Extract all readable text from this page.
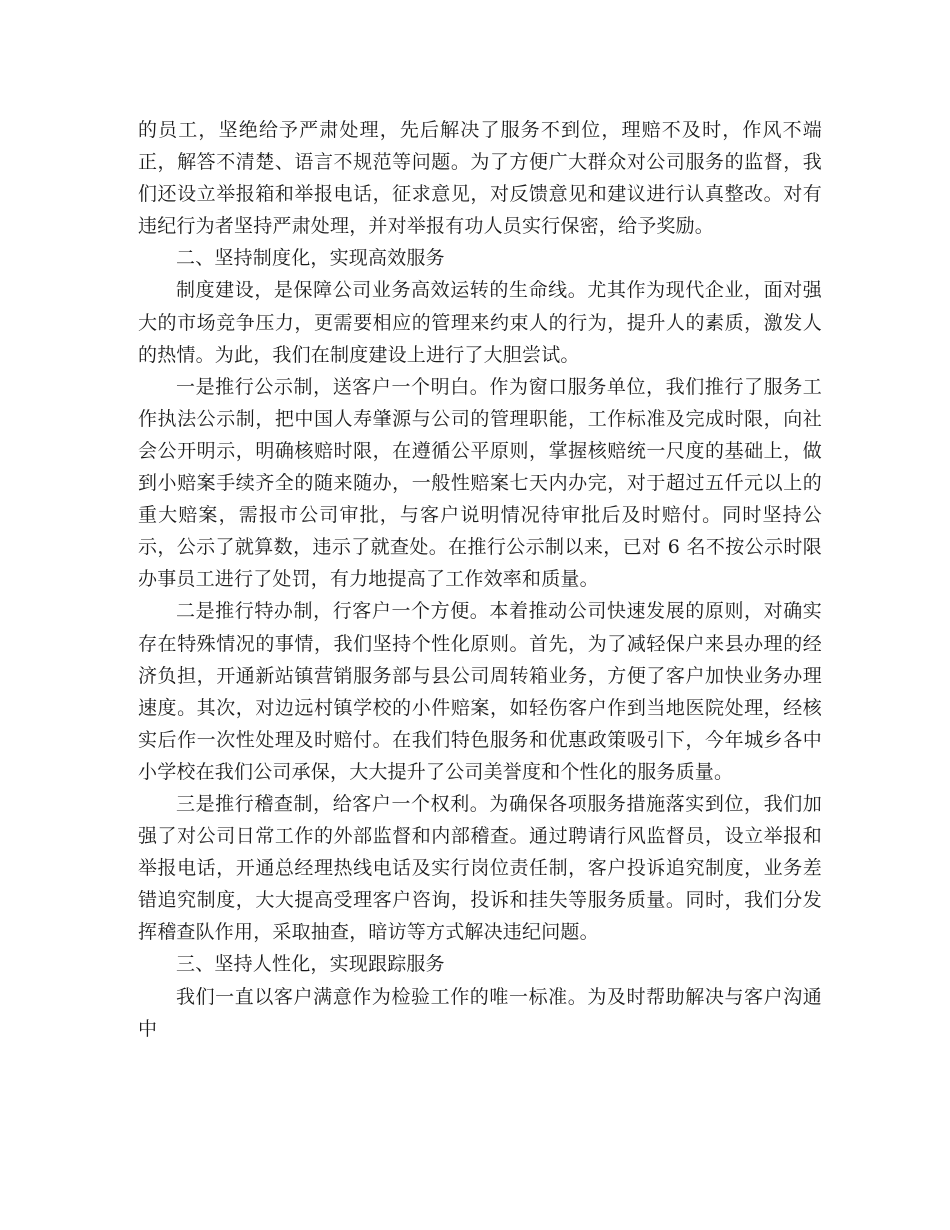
的员工，坚绝给予严肃处理，先后解决了服务不到位，理赔不及时，作风不端正，解答不清楚、语言不规范等问题。为了方便广大群众对公司服务的监督，我们还设立举报箱和举报电话，征求意见，对反馈意见和建议进行认真整改。对有违纪行为者坚持严肃处理，并对举报有功人员实行保密，给予奖励。

二、坚持制度化，实现高效服务

制度建设，是保障公司业务高效运转的生命线。尤其作为现代企业，面对强大的市场竞争压力，更需要相应的管理来约束人的行为，提升人的素质，激发人的热情。为此，我们在制度建设上进行了大胆尝试。

一是推行公示制，送客户一个明白。作为窗口服务单位，我们推行了服务工作执法公示制，把中国人寿肇源与公司的管理职能，工作标准及完成时限，向社会公开明示，明确核赔时限，在遵循公平原则，掌握核赔统一尺度的基础上，做到小赔案手续齐全的随来随办，一般性赔案七天内办完，对于超过五仟元以上的重大赔案，需报市公司审批，与客户说明情况待审批后及时赔付。同时坚持公示，公示了就算数，违示了就查处。在推行公示制以来，已对 6 名不按公示时限办事员工进行了处罚，有力地提高了工作效率和质量。

二是推行特办制，行客户一个方便。本着推动公司快速发展的原则，对确实存在特殊情况的事情，我们坚持个性化原则。首先，为了减轻保户来县办理的经济负担，开通新站镇营销服务部与县公司周转箱业务，方便了客户加快业务办理速度。其次，对边远村镇学校的小件赔案，如轻伤客户作到当地医院处理，经核实后作一次性处理及时赔付。在我们特色服务和优惠政策吸引下，今年城乡各中小学校在我们公司承保，大大提升了公司美誉度和个性化的服务质量。

三是推行稽查制，给客户一个权利。为确保各项服务措施落实到位，我们加强了对公司日常工作的外部监督和内部稽查。通过聘请行风监督员，设立举报和举报电话，开通总经理热线电话及实行岗位责任制，客户投诉追究制度，业务差错追究制度，大大提高受理客户咨询，投诉和挂失等服务质量。同时，我们分发挥稽查队作用，采取抽查，暗访等方式解决违纪问题。

三、坚持人性化，实现跟踪服务

我们一直以客户满意作为检验工作的唯一标准。为及时帮助解决与客户沟通中
